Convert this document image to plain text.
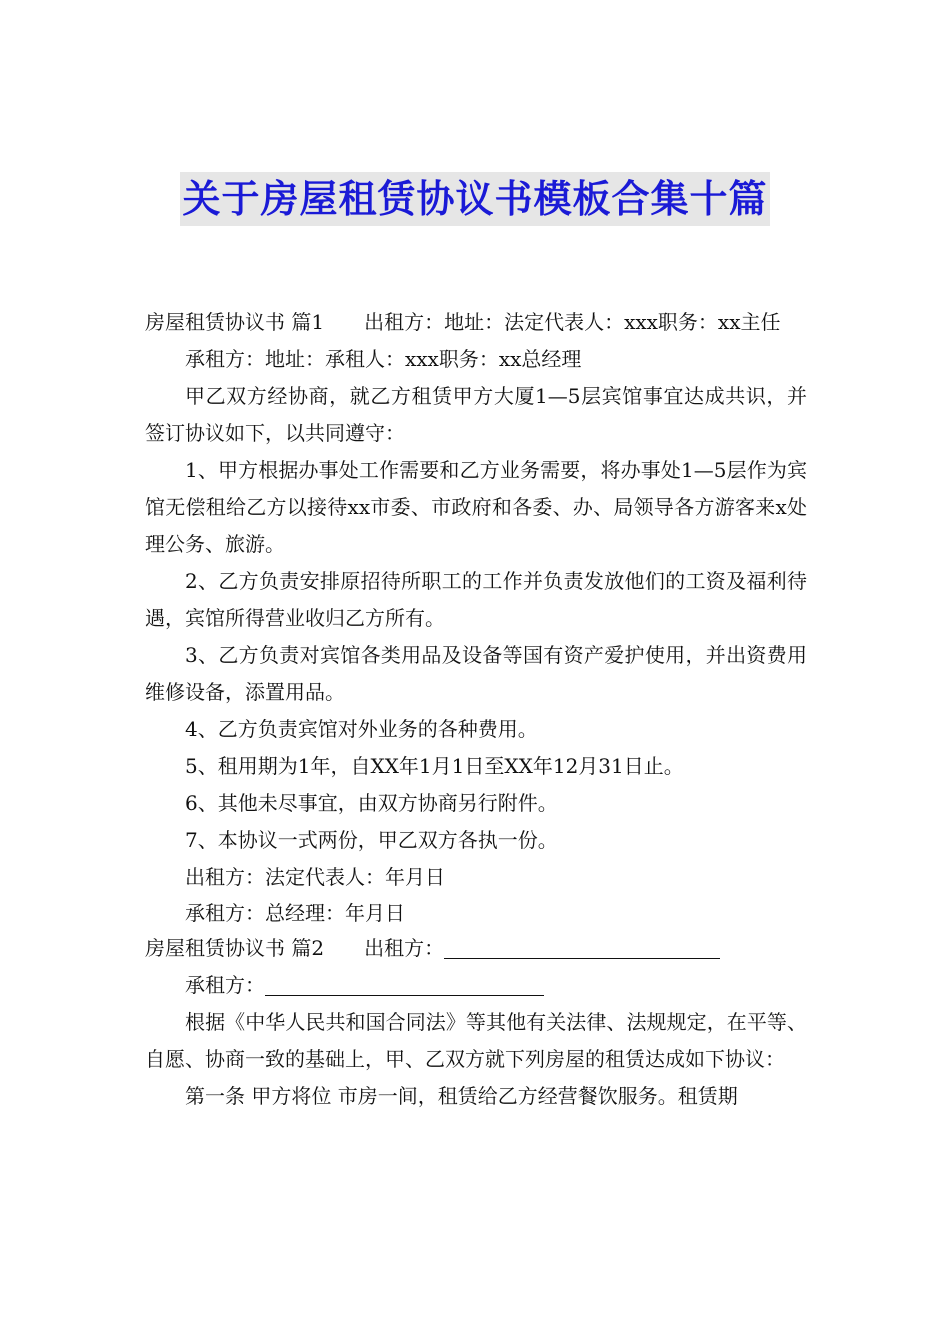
关于房屋租赁协议书模板合集十篇

房屋租赁协议书 篇1　　出租方：地址：法定代表人：xxx职务：xx主任

承租方：地址：承租人：xxx职务：xx总经理

甲乙双方经协商，就乙方租赁甲方大厦1—5层宾馆事宜达成共识，并签订协议如下，以共同遵守：

1、甲方根据办事处工作需要和乙方业务需要，将办事处1—5层作为宾馆无偿租给乙方以接待xx市委、市政府和各委、办、局领导各方游客来x处理公务、旅游。

2、乙方负责安排原招待所职工的工作并负责发放他们的工资及福利待遇，宾馆所得营业收归乙方所有。

3、乙方负责对宾馆各类用品及设备等国有资产爱护使用，并出资费用维修设备，添置用品。

4、乙方负责宾馆对外业务的各种费用。

5、租用期为1年，自XX年1月1日至XX年12月31日止。

6、其他未尽事宜，由双方协商另行附件。

7、本协议一式两份，甲乙双方各执一份。

出租方：法定代表人：年月日

承租方：总经理：年月日

房屋租赁协议书 篇2　　出租方：

承租方：

根据《中华人民共和国合同法》等其他有关法律、法规规定，在平等、自愿、协商一致的基础上，甲、乙双方就下列房屋的租赁达成如下协议：

第一条 甲方将位 市房一间，租赁给乙方经营餐饮服务。租赁期
